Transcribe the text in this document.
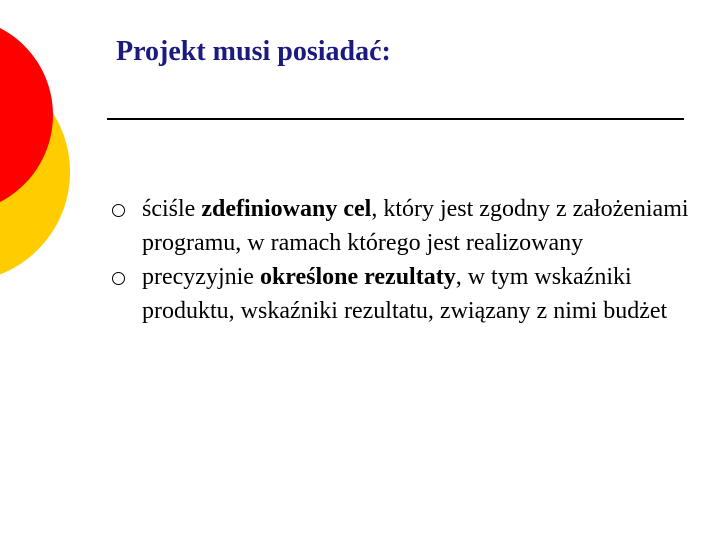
Projekt musi posiadać:
ściśle zdefiniowany cel, który jest zgodny z założeniami programu, w ramach którego jest realizowany
precyzyjnie określone rezultaty, w tym wskaźniki produktu, wskaźniki rezultatu, związany z nimi budżet
